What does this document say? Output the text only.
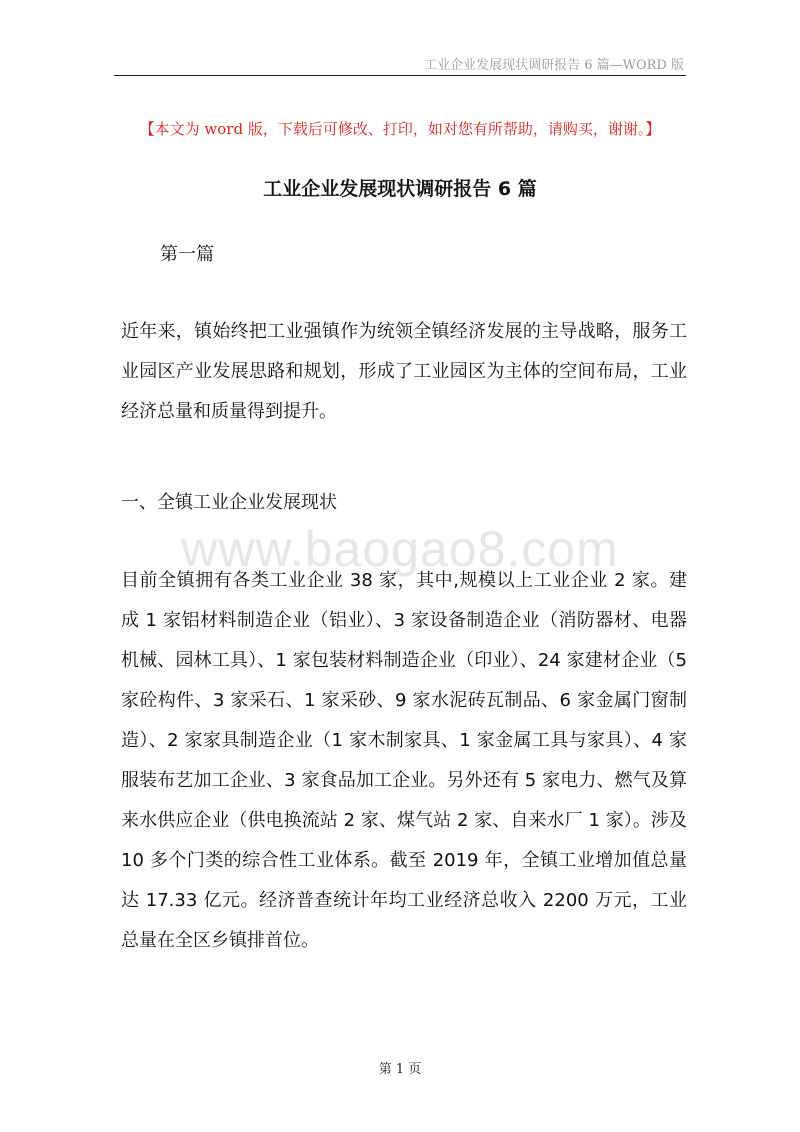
工业企业发展现状调研报告 6 篇—WORD 版
【本文为 word 版，下载后可修改、打印，如对您有所帮助，请购买，谢谢。】
工业企业发展现状调研报告 6 篇
第一篇

近年来，镇始终把工业强镇作为统领全镇经济发展的主导战略，服务工业园区产业发展思路和规划，形成了工业园区为主体的空间布局，工业经济总量和质量得到提升。

一、全镇工业企业发展现状
www.baogao8.com

目前全镇拥有各类工业企业 38 家，其中,规模以上工业企业 2 家。建成 1 家铝材料制造企业（铝业）、3 家设备制造企业（消防器材、电器机械、园林工具）、1 家包装材料制造企业（印业）、24 家建材企业（5 家砼构件、3 家采石、1 家采砂、9 家水泥砖瓦制品、6 家金属门窗制造）、2 家家具制造企业（1 家木制家具、1 家金属工具与家具）、4 家服装布艺加工企业、3 家食品加工企业。另外还有 5 家电力、燃气及算来水供应企业（供电换流站 2 家、煤气站 2 家、自来水厂 1 家）。涉及 10 多个门类的综合性工业体系。截至 2019 年，全镇工业增加值总量达 17.33 亿元。经济普查统计年均工业经济总收入 2200 万元，工业总量在全区乡镇排首位。

第 1 页
